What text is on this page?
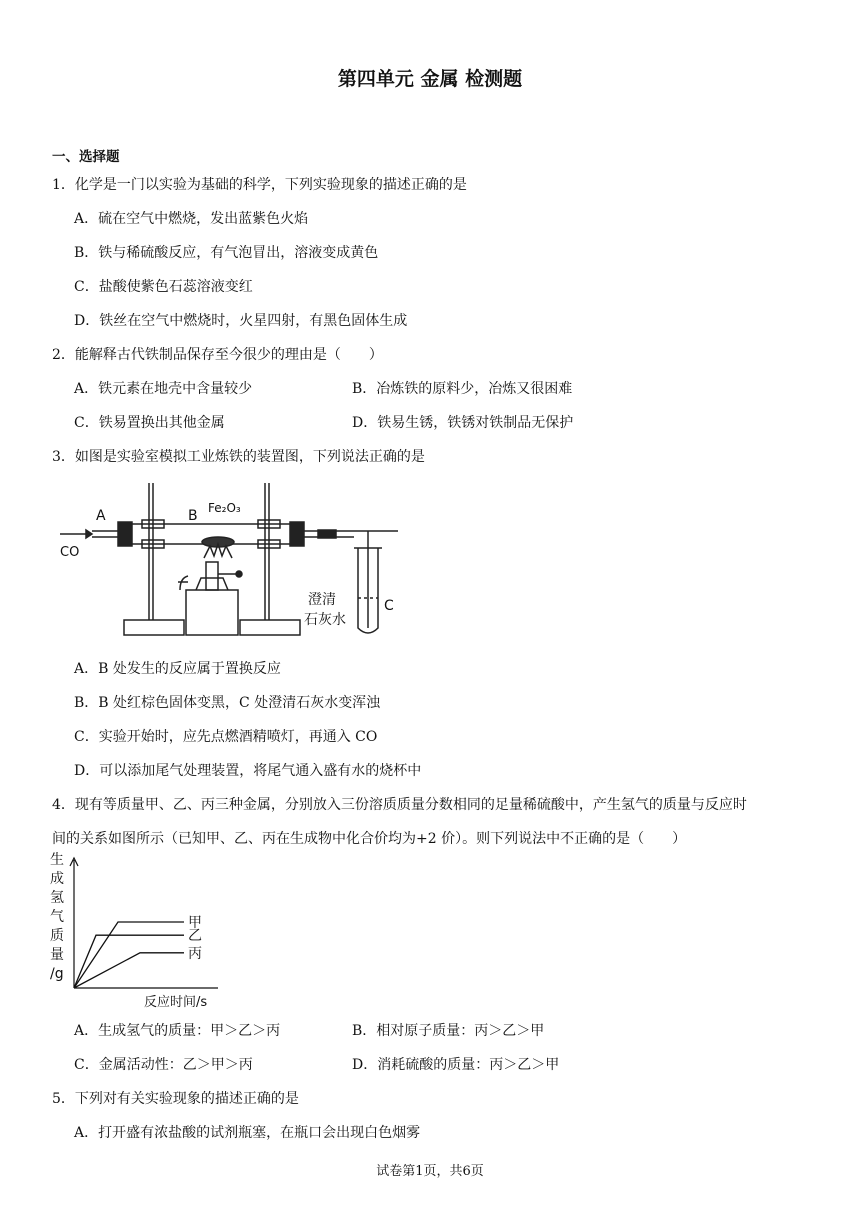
第四单元 金属 检测题
一、选择题
1．化学是一门以实验为基础的科学，下列实验现象的描述正确的是
A．硫在空气中燃烧，发出蓝紫色火焰
B．铁与稀硫酸反应，有气泡冒出，溶液变成黄色
C．盐酸使紫色石蕊溶液变红
D．铁丝在空气中燃烧时，火星四射，有黑色固体生成
2．能解释古代铁制品保存至今很少的理由是（　　）
A．铁元素在地壳中含量较少	B．冶炼铁的原料少，冶炼又很困难
C．铁易置换出其他金属	D．铁易生锈，铁锈对铁制品无保护
3．如图是实验室模拟工业炼铁的装置图，下列说法正确的是
A	B Fe₂O₃
CO
C
澄清
石灰水
A．B 处发生的反应属于置换反应
B．B 处红棕色固体变黑，C 处澄清石灰水变浑浊
C．实验开始时，应先点燃酒精喷灯，再通入 CO
D．可以添加尾气处理装置，将尾气通入盛有水的烧杯中
4．现有等质量甲、乙、丙三种金属，分别放入三份溶质质量分数相同的足量稀硫酸中，产生氢气的质量与反应时
间的关系如图所示（已知甲、乙、丙在生成物中化合价均为+2 价）。则下列说法中不正确的是（　　）
反应时间/s
生
成
氢
气
质
量
/g
甲
乙
丙
A．生成氢气的质量：甲＞乙＞丙	B．相对原子质量：丙＞乙＞甲
C．金属活动性：乙＞甲＞丙	D．消耗硫酸的质量：丙＞乙＞甲
5．下列对有关实验现象的描述正确的是
A．打开盛有浓盐酸的试剂瓶塞，在瓶口会出现白色烟雾
试卷第1页，共6页
